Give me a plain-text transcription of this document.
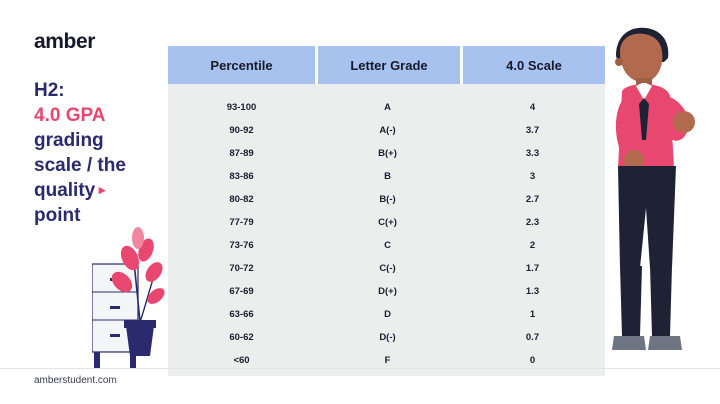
amber
H2:
4.0 GPA
grading
scale / the
quality ▸
point
amberstudent.com
Percentile	Letter Grade	4.0 Scale
93-100	A	4
90-92	A(-)	3.7
87-89	B(+)	3.3
83-86	B	3
80-82	B(-)	2.7
77-79	C(+)	2.3
73-76	C	2
70-72	C(-)	1.7
67-69	D(+)	1.3
63-66	D	1
60-62	D(-)	0.7
<60	F	0
